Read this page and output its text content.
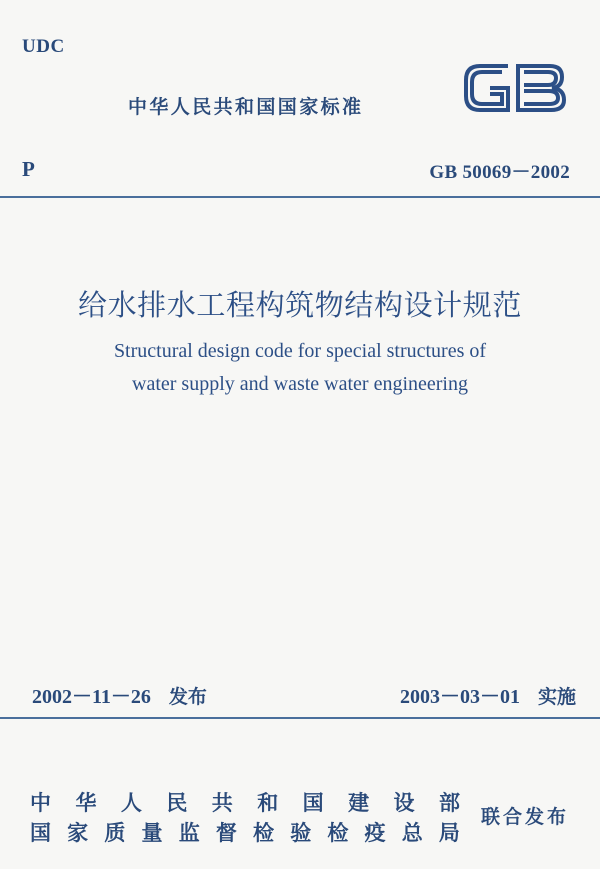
UDC
中华人民共和国国家标准
P	GB 50069－2002
给水排水工程构筑物结构设计规范
Structural design code for special structures of
water supply and waste water engineering
2002－11－26 发布	2003－03－01 实施
中 华 人 民 共 和 国 建 设 部
国 家 质 量 监 督 检 验 检 疫 总 局
联合发布
